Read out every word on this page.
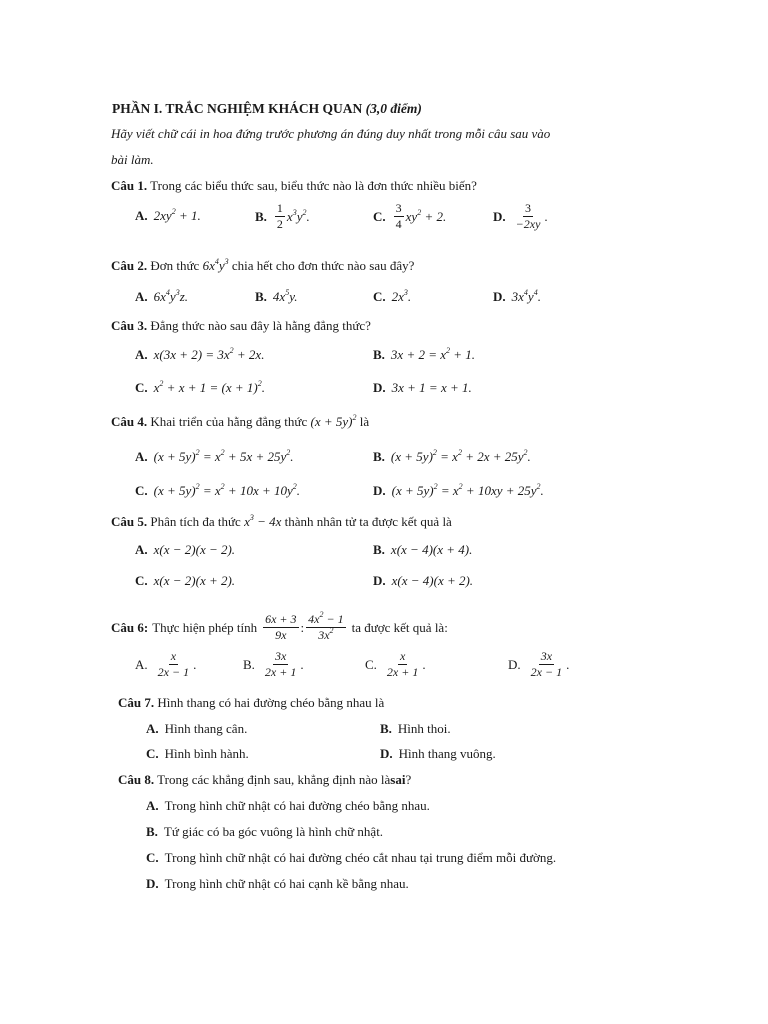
PHẦN I. TRẮC NGHIỆM KHÁCH QUAN (3,0 điểm)
Hãy viết chữ cái in hoa đứng trước phương án đúng duy nhất trong mỗi câu sau vào
bài làm.
Câu 1. Trong các biểu thức sau, biểu thức nào là đơn thức nhiều biến?
A. $2xy^2 + 1$.	B. $\frac{1}{2} x^3y^2$.	C. $\frac{3}{4} xy^2 + 2$.	D. $\frac{3}{-2xy}$ .
Câu 2. Đơn thức $6x^4y^3$ chia hết cho đơn thức nào sau đây?
A. $6x^4y^3z$.	B. $4x^5y$.	C. $2x^3$.	D. $3x^4y^4$.
Câu 3. Đẳng thức nào sau đây là hằng đẳng thức?
A. $x(3x + 2) = 3x^2 + 2x$.	B. $3x + 2 = x^2 + 1$.
C. $x^2 + x + 1 = (x + 1)^2$.	D. 3x + 1 = x + 1.
Câu 4. Khai triển của hằng đẳng thức $(x + 5y)^2$ là
A. $(x + 5y)^2 = x^2 + 5x + 25y^2$.	B. $(x + 5y)^2 = x^2 + 2x + 25y^2$.
C. $(x + 5y)^2 = x^2 + 10x + 10y^2$.	D. $(x + 5y)^2 = x^2 + 10xy + 25y^2$.
Câu 5. Phân tích đa thức $x^3 - 4x$ thành nhân tử ta được kết quả là
A. x(x − 2)(x − 2).	B. x(x − 4)(x + 4).
C. x(x − 2)(x + 2).	D. x(x − 4)(x + 2).
Câu 6: Thực hiện phép tính $\frac{6x + 3}{9x}$ : $\frac{4x^2 - 1}{3x^2}$ ta được kết quả là:
A. $\frac{x}{2x - 1}$ .	B. $\frac{3x}{2x + 1}$ .	C. $\frac{x}{2x + 1}$ .	D. $\frac{3x}{2x - 1}$ .
Câu 7. Hình thang có hai đường chéo bằng nhau là
A. Hình thang cân.	B. Hình thoi.
C. Hình bình hành.	D. Hình thang vuông.
Câu 8. Trong các khẳng định sau, khẳng định nào làsai?
A. Trong hình chữ nhật có hai đường chéo bằng nhau.
B. Tứ giác có ba góc vuông là hình chữ nhật.
C. Trong hình chữ nhật có hai đường chéo cắt nhau tại trung điểm mỗi đường.
D. Trong hình chữ nhật có hai cạnh kề bằng nhau.
